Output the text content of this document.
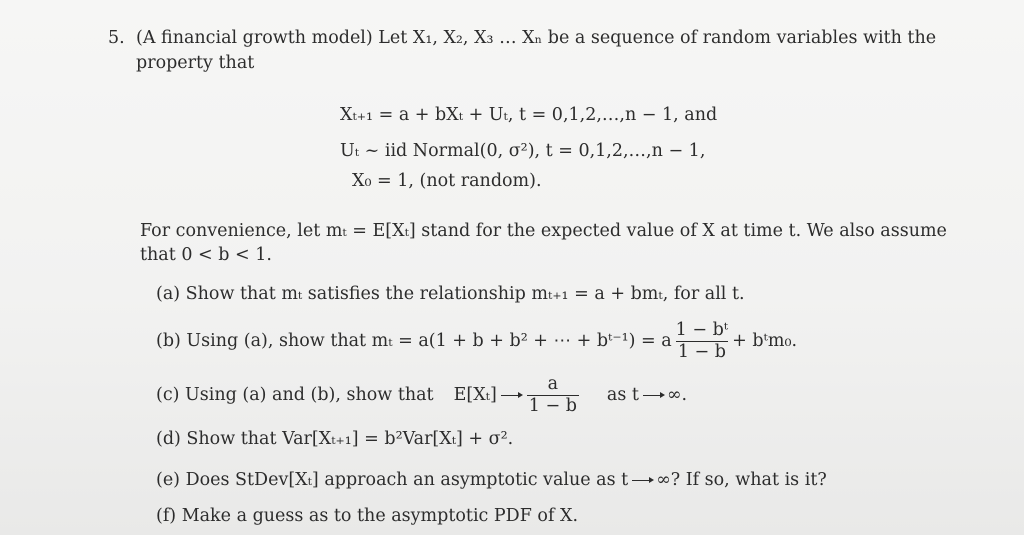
5. (A financial growth model) Let X₁, X₂, X₃ … Xₙ be a sequence of random variables with the
property that
Xₜ₊₁ = a + bXₜ + Uₜ, t = 0,1,2,…,n − 1, and
Uₜ ~ iid Normal(0, σ²), t = 0,1,2,…,n − 1,
X₀ = 1, (not random).
For convenience, let mₜ = E[Xₜ] stand for the expected value of X at time t. We also assume
that 0 < b < 1.
(a) Show that mₜ satisfies the relationship mₜ₊₁ = a + bmₜ, for all t.
(b) Using (a), show that mₜ = a(1 + b + b² + ⋯ + bᵗ⁻¹) = a $\frac{\text{1 − bᵗ}}{1 - b}$ + bᵗm₀.
(c) Using (a) and (b), show that $E[X_t] \frac{a}{1 - b}$ as t ∞.
(d) Show that Var[Xₜ₊₁] = b²Var[Xₜ] + σ².
(e) Does StDev[Xₜ] approach an asymptotic value as t ∞? If so, what is it?
(f) Make a guess as to the asymptotic PDF of X.
